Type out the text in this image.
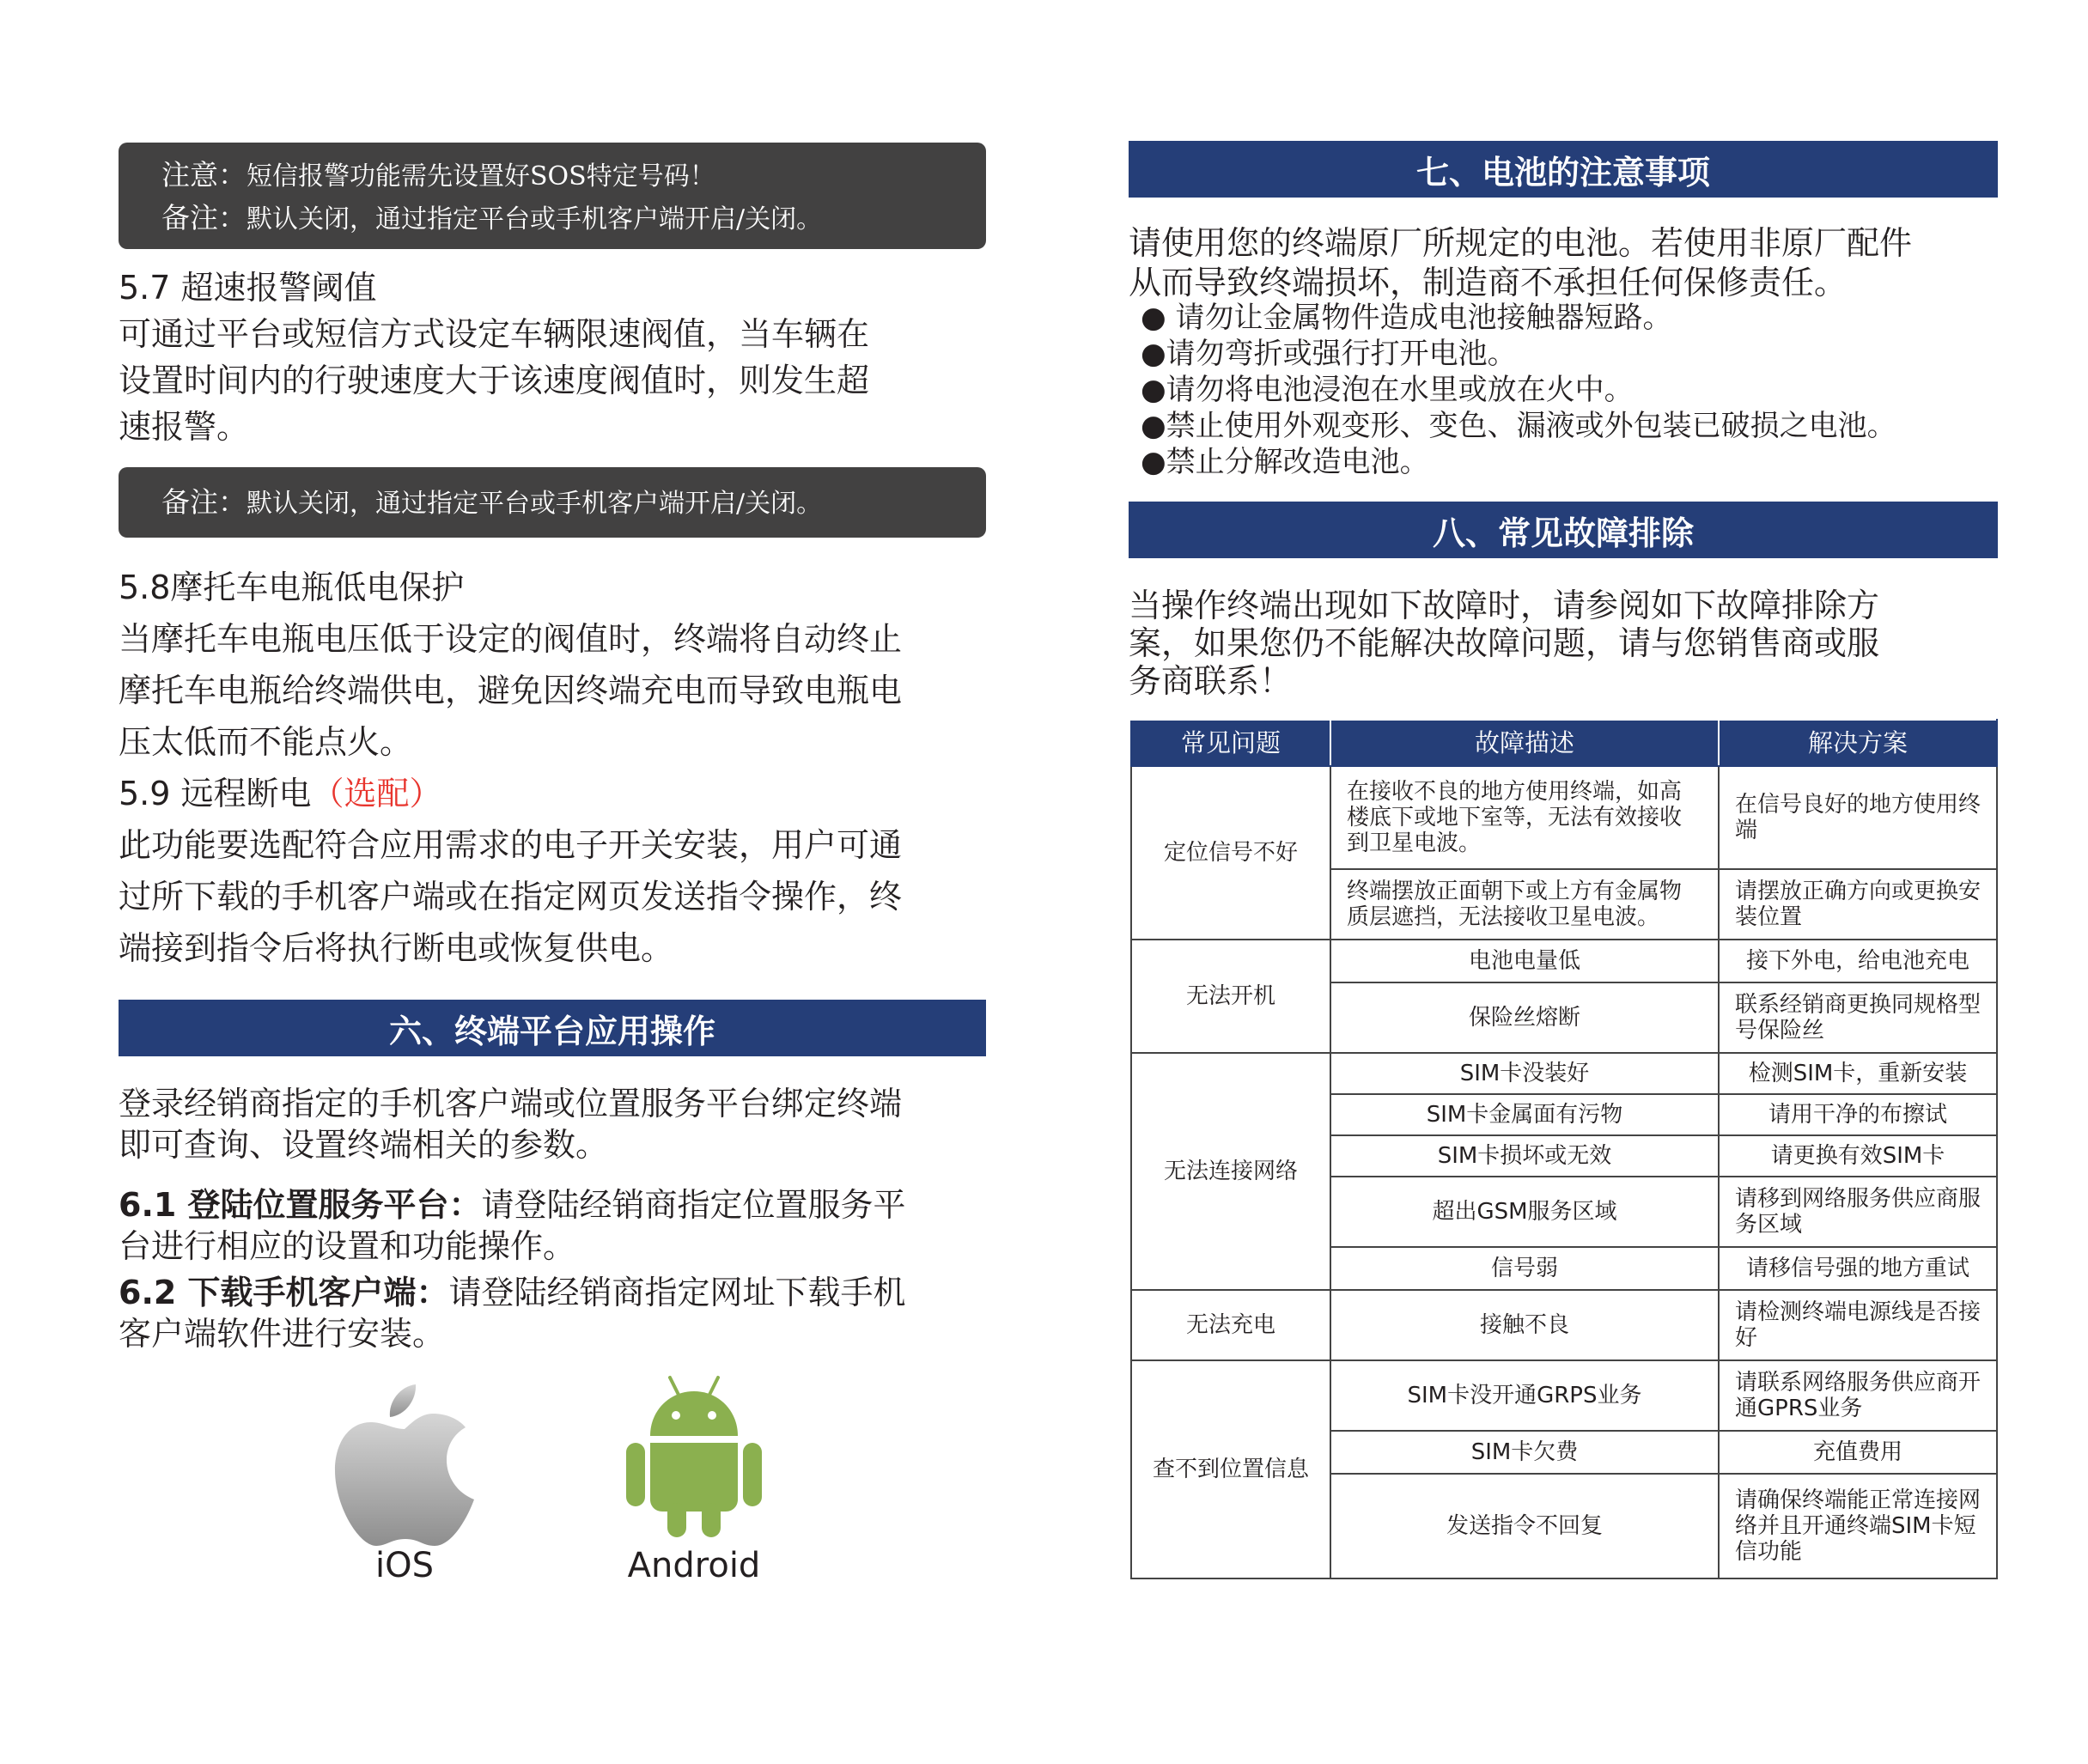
注意：短信报警功能需先设置好SOS特定号码！
备注：默认关闭，通过指定平台或手机客户端开启/关闭。
5.7 超速报警阈值
可通过平台或短信方式设定车辆限速阀值，当车辆在
设置时间内的行驶速度大于该速度阀值时，则发生超
速报警。
备注：默认关闭，通过指定平台或手机客户端开启/关闭。
5.8摩托车电瓶低电保护
当摩托车电瓶电压低于设定的阀值时，终端将自动终止
摩托车电瓶给终端供电，避免因终端充电而导致电瓶电
压太低而不能点火。
5.9 远程断电（选配）
此功能要选配符合应用需求的电子开关安装，用户可通
过所下载的手机客户端或在指定网页发送指令操作，终
端接到指令后将执行断电或恢复供电。
六、终端平台应用操作
登录经销商指定的手机客户端或位置服务平台绑定终端
即可查询、设置终端相关的参数。
6.1 登陆位置服务平台：请登陆经销商指定位置服务平
台进行相应的设置和功能操作。
6.2 下载手机客户端：请登陆经销商指定网址下载手机
客户端软件进行安装。
iOS	Android
七、电池的注意事项
请使用您的终端原厂所规定的电池。若使用非原厂配件
从而导致终端损坏，制造商不承担任何保修责任。
● 请勿让金属物件造成电池接触器短路。
●请勿弯折或强行打开电池。
●请勿将电池浸泡在水里或放在火中。
●禁止使用外观变形、变色、漏液或外包装已破损之电池。
●禁止分解改造电池。
八、常见故障排除
当操作终端出现如下故障时，请参阅如下故障排除方
案，如果您仍不能解决故障问题，请与您销售商或服
务商联系！
常见问题	故障描述	解决方案
定位信号不好	在接收不良的地方使用终端，如高楼底下或地下室等，无法有效接收到卫星电波。	在信号良好的地方使用终端
	终端摆放正面朝下或上方有金属物质层遮挡，无法接收卫星电波。	请摆放正确方向或更换安装位置
无法开机	电池电量低	接下外电，给电池充电
	保险丝熔断	联系经销商更换同规格型号保险丝
无法连接网络	SIM卡没装好	检测SIM卡，重新安装
	SIM卡金属面有污物	请用干净的布擦试
	SIM卡损坏或无效	请更换有效SIM卡
	超出GSM服务区域	请移到网络服务供应商服务区域
	信号弱	请移信号强的地方重试
无法充电	接触不良	请检测终端电源线是否接好
查不到位置信息	SIM卡没开通GRPS业务	请联系网络服务供应商开通GPRS业务
	SIM卡欠费	充值费用
	发送指令不回复	请确保终端能正常连接网络并且开通终端SIM卡短信功能
